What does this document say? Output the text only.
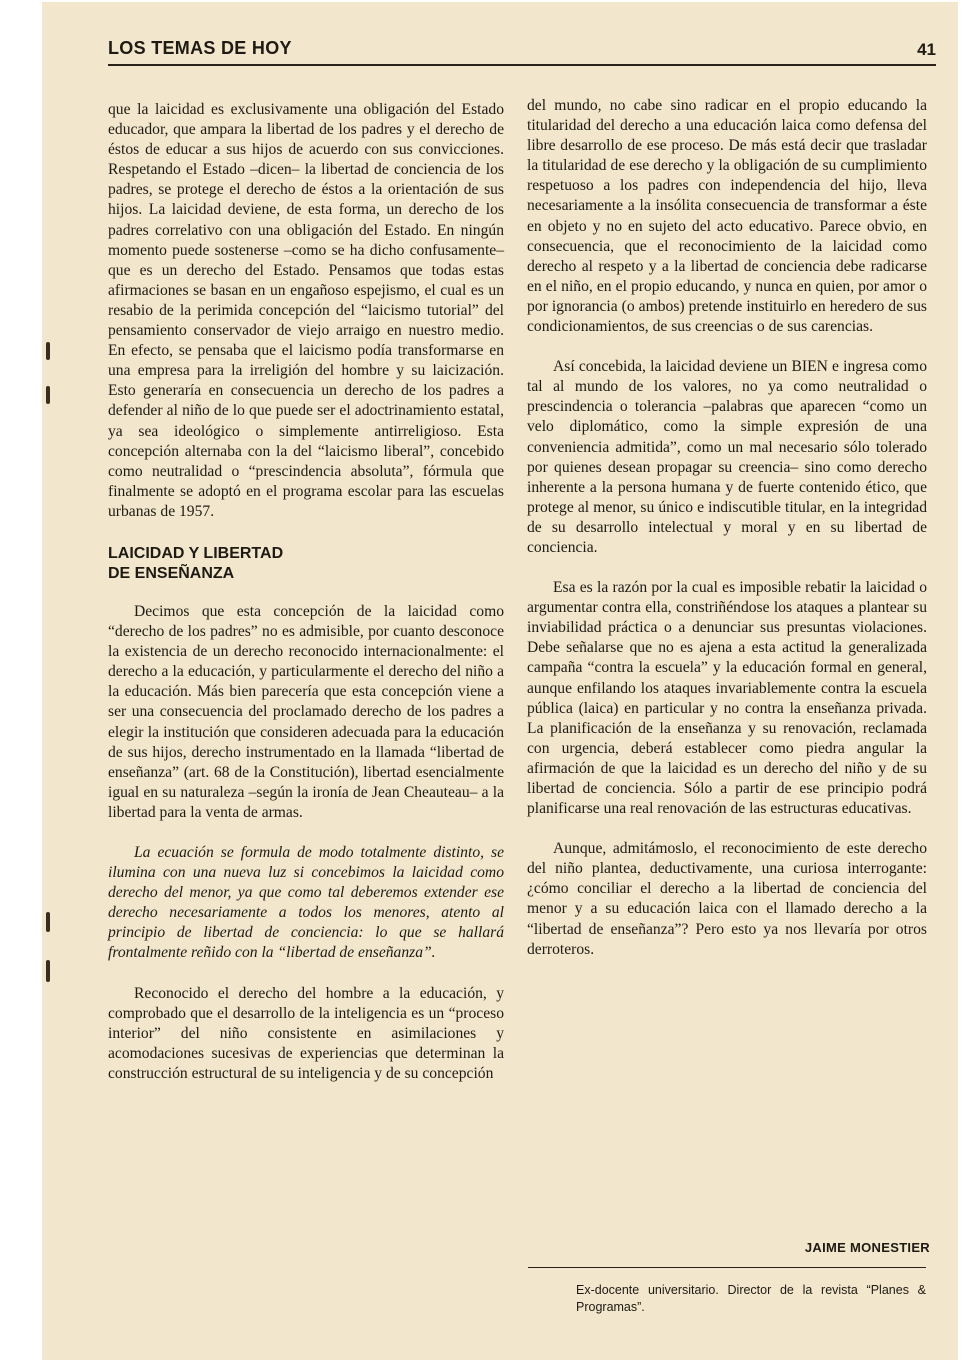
LOS TEMAS DE HOY	41

que la laicidad es exclusivamente una obligación del Estado educador, que ampara la libertad de los padres y el derecho de éstos de educar a sus hijos de acuerdo con sus convicciones. Respetando el Estado –dicen– la libertad de conciencia de los padres, se protege el derecho de éstos a la orientación de sus hijos. La laicidad deviene, de esta forma, un derecho de los padres correlativo con una obligación del Estado. En ningún momento puede sostenerse –como se ha dicho confusamente– que es un derecho del Estado. Pensamos que todas estas afirmaciones se basan en un engañoso espejismo, el cual es un resabio de la perimida concepción del “laicismo tutorial” del pensamiento conservador de viejo arraigo en nuestro medio. En efecto, se pensaba que el laicismo podía transformarse en una empresa para la irreligión del hombre y su laicización. Esto generaría en consecuencia un derecho de los padres a defender al niño de lo que puede ser el adoctrinamiento estatal, ya sea ideológico o simplemente antirreligioso. Esta concepción alternaba con la del “laicismo liberal”, concebido como neutralidad o “prescindencia absoluta”, fórmula que finalmente se adoptó en el programa escolar para las escuelas urbanas de 1957.

LAICIDAD Y LIBERTAD
DE ENSEÑANZA

Decimos que esta concepción de la laicidad como “derecho de los padres” no es admisible, por cuanto desconoce la existencia de un derecho reconocido internacionalmente: el derecho a la educación, y particularmente el derecho del niño a la educación. Más bien parecería que esta concepción viene a ser una consecuencia del proclamado derecho de los padres a elegir la institución que consideren adecuada para la educación de sus hijos, derecho instrumentado en la llamada “libertad de enseñanza” (art. 68 de la Constitución), libertad esencialmente igual en su naturaleza –según la ironía de Jean Cheauteau– a la libertad para la venta de armas.

La ecuación se formula de modo totalmente distinto, se ilumina con una nueva luz si concebimos la laicidad como derecho del menor, ya que como tal deberemos extender ese derecho necesariamente a todos los menores, atento al principio de libertad de conciencia: lo que se hallará frontalmente reñido con la “libertad de enseñanza”.

Reconocido el derecho del hombre a la educación, y comprobado que el desarrollo de la inteligencia es un “proceso interior” del niño consistente en asimilaciones y acomodaciones sucesivas de experiencias que determinan la construcción estructural de su inteligencia y de su concepción

del mundo, no cabe sino radicar en el propio educando la titularidad del derecho a una educación laica como defensa del libre desarrollo de ese proceso. De más está decir que trasladar la titularidad de ese derecho y la obligación de su cumplimiento respetuoso a los padres con independencia del hijo, lleva necesariamente a la insólita consecuencia de transformar a éste en objeto y no en sujeto del acto educativo. Parece obvio, en consecuencia, que el reconocimiento de la laicidad como derecho al respeto y a la libertad de conciencia debe radicarse en el niño, en el propio educando, y nunca en quien, por amor o por ignorancia (o ambos) pretende instituirlo en heredero de sus condicionamientos, de sus creencias o de sus carencias.

Así concebida, la laicidad deviene un BIEN e ingresa como tal al mundo de los valores, no ya como neutralidad o prescindencia o tolerancia –palabras que aparecen “como un velo diplomático, como la simple expresión de una conveniencia admitida”, como un mal necesario sólo tolerado por quienes desean propagar su creencia– sino como derecho inherente a la persona humana y de fuerte contenido ético, que protege al menor, su único e indiscutible titular, en la integridad de su desarrollo intelectual y moral y en su libertad de conciencia.

Esa es la razón por la cual es imposible rebatir la laicidad o argumentar contra ella, constriñéndose los ataques a plantear su inviabilidad práctica o a denunciar sus presuntas violaciones. Debe señalarse que no es ajena a esta actitud la generalizada campaña “contra la escuela” y la educación formal en general, aunque enfilando los ataques invariablemente contra la escuela pública (laica) en particular y no contra la enseñanza privada. La planificación de la enseñanza y su renovación, reclamada con urgencia, deberá establecer como piedra angular la afirmación de que la laicidad es un derecho del niño y de su libertad de conciencia. Sólo a partir de ese principio podrá planificarse una real renovación de las estructuras educativas.

Aunque, admitámoslo, el reconocimiento de este derecho del niño plantea, deductivamente, una curiosa interrogante: ¿cómo conciliar el derecho a la libertad de conciencia del menor y a su educación laica con el llamado derecho a la “libertad de enseñanza”? Pero esto ya nos llevaría por otros derroteros.

JAIME MONESTIER
Ex-docente universitario. Director de la revista “Planes & Programas”.
